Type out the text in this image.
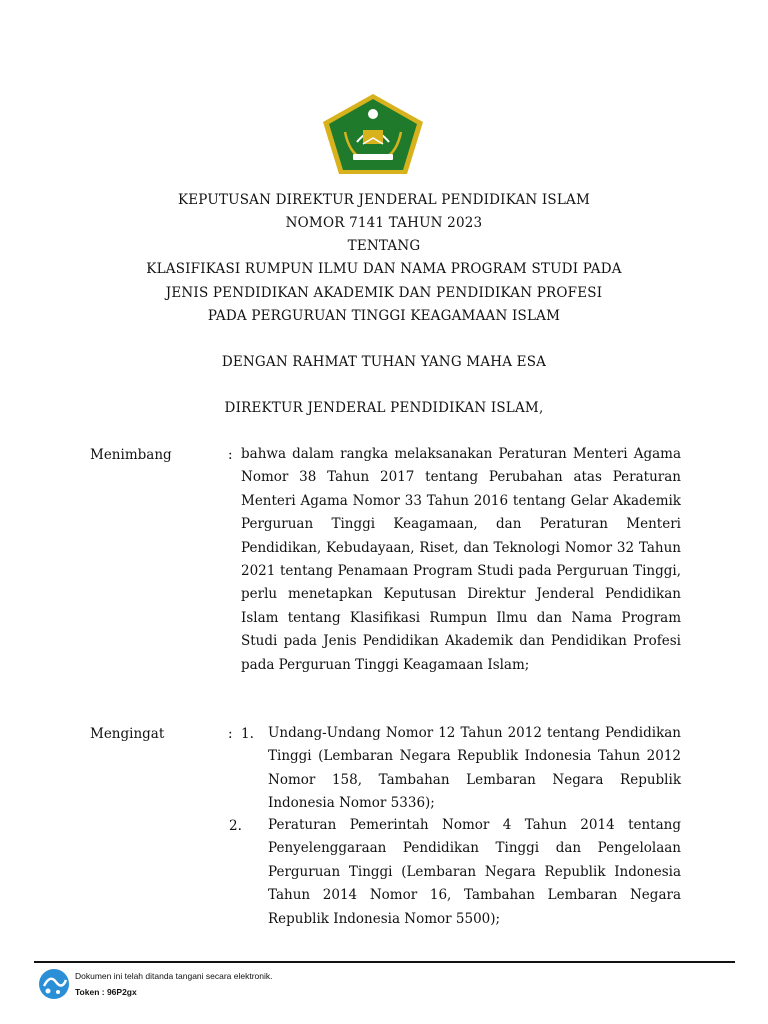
KEPUTUSAN DIREKTUR JENDERAL PENDIDIKAN ISLAM
NOMOR 7141 TAHUN 2023
TENTANG
KLASIFIKASI RUMPUN ILMU DAN NAMA PROGRAM STUDI PADA
JENIS PENDIDIKAN AKADEMIK DAN PENDIDIKAN PROFESI
PADA PERGURUAN TINGGI KEAGAMAAN ISLAM
DENGAN RAHMAT TUHAN YANG MAHA ESA
DIREKTUR JENDERAL PENDIDIKAN ISLAM,
Menimbang	: bahwa dalam rangka melaksanakan Peraturan Menteri Agama Nomor 38 Tahun 2017 tentang Perubahan atas Peraturan Menteri Agama Nomor 33 Tahun 2016 tentang Gelar Akademik Perguruan Tinggi Keagamaan, dan Peraturan Menteri Pendidikan, Kebudayaan, Riset, dan Teknologi Nomor 32 Tahun 2021 tentang Penamaan Program Studi pada Perguruan Tinggi, perlu menetapkan Keputusan Direktur Jenderal Pendidikan Islam tentang Klasifikasi Rumpun Ilmu dan Nama Program Studi pada Jenis Pendidikan Akademik dan Pendidikan Profesi pada Perguruan Tinggi Keagamaan Islam;
Mengingat	: 1. Undang-Undang Nomor 12 Tahun 2012 tentang Pendidikan Tinggi (Lembaran Negara Republik Indonesia Tahun 2012 Nomor 158, Tambahan Lembaran Negara Republik Indonesia Nomor 5336);
2. Peraturan Pemerintah Nomor 4 Tahun 2014 tentang Penyelenggaraan Pendidikan Tinggi dan Pengelolaan Perguruan Tinggi (Lembaran Negara Republik Indonesia Tahun 2014 Nomor 16, Tambahan Lembaran Negara Republik Indonesia Nomor 5500);
Dokumen ini telah ditanda tangani secara elektronik.
Token : 96P2gx
